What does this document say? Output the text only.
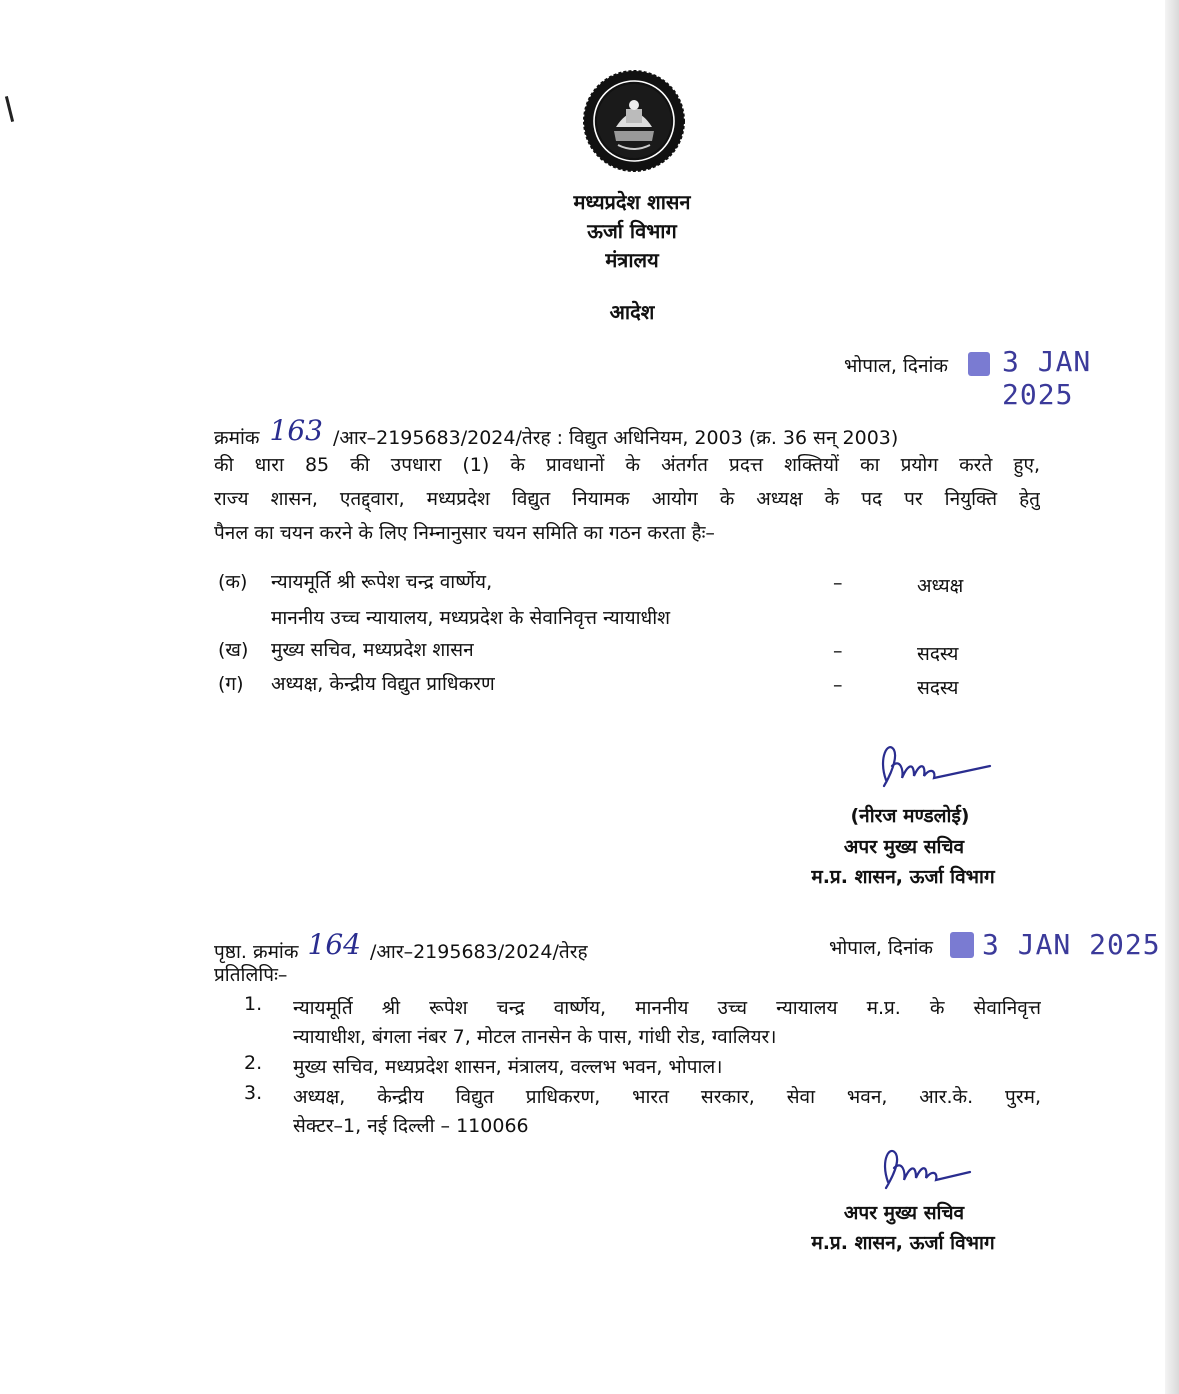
मध्यप्रदेश शासन
ऊर्जा विभाग
मंत्रालय
आदेश
भोपाल, दिनांक 3 JAN 2025
क्रमांक 163 /आर–2195683/2024/तेरह : विद्युत अधिनियम, 2003 (क्र. 36 सन् 2003)
की धारा 85 की उपधारा (1) के प्रावधानों के अंतर्गत प्रदत्त शक्तियों का प्रयोग करते हुए,
राज्य शासन, एतद्द्वारा, मध्यप्रदेश विद्युत नियामक आयोग के अध्यक्ष के पद पर नियुक्ति हेतु
पैनल का चयन करने के लिए निम्नानुसार चयन समिति का गठन करता हैः–
(क) न्यायमूर्ति श्री रूपेश चन्द्र वार्ष्णेय,
माननीय उच्च न्यायालय, मध्यप्रदेश के सेवानिवृत्त न्यायाधीश
–	अध्यक्ष
(ख) मुख्य सचिव, मध्यप्रदेश शासन	–	सदस्य
(ग) अध्यक्ष, केन्द्रीय विद्युत प्राधिकरण	–	सदस्य
(नीरज मण्डलोई)
अपर मुख्य सचिव
म.प्र. शासन, ऊर्जा विभाग
पृष्ठा. क्रमांक 164 /आर–2195683/2024/तेरह	भोपाल, दिनांक 3 JAN 2025
प्रतिलिपिः–
1. न्यायमूर्ति श्री रूपेश चन्द्र वार्ष्णेय, माननीय उच्च न्यायालय म.प्र. के सेवानिवृत्त
न्यायाधीश, बंगला नंबर 7, मोटल तानसेन के पास, गांधी रोड, ग्वालियर।
2. मुख्य सचिव, मध्यप्रदेश शासन, मंत्रालय, वल्लभ भवन, भोपाल।
3. अध्यक्ष, केन्द्रीय विद्युत प्राधिकरण, भारत सरकार, सेवा भवन, आर.के. पुरम,
सेक्टर–1, नई दिल्ली – 110066
अपर मुख्य सचिव
म.प्र. शासन, ऊर्जा विभाग
